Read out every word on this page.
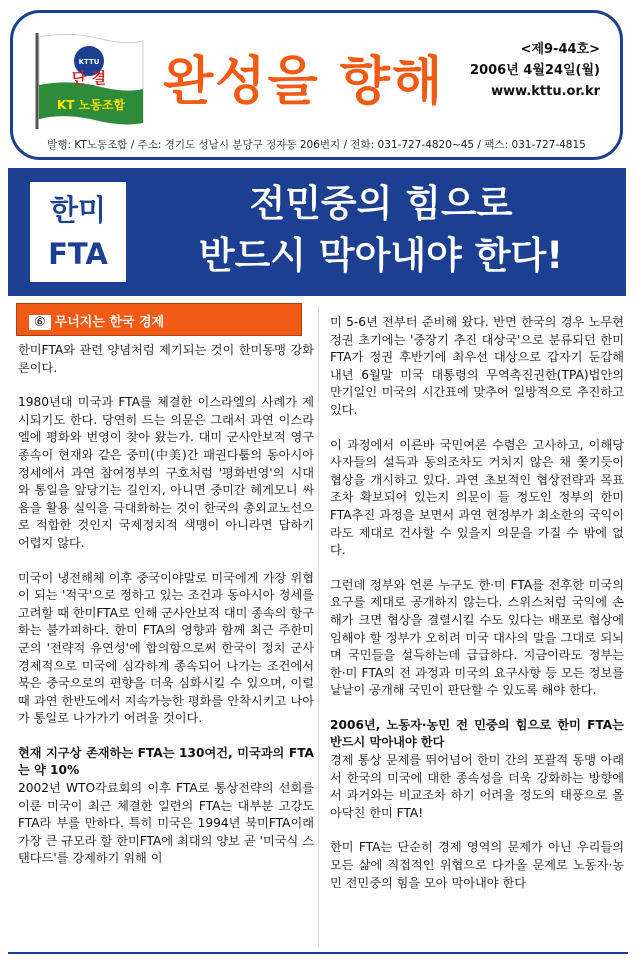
KTTU
단 결
KT 노동조합 완성을 향해
<제9-44호>
2006년 4월24일(월)
www.kttu.or.kr
발행: KT노동조합 / 주소: 경기도 성남시 분당구 정자동 206번지 / 전화: 031-727-4820~45 / 팩스: 031-727-4815
한미
FTA
전민중의 힘으로
반드시 막아내야 한다!
⑥ 무너지는 한국 경제

한미FTA와 관련 양념처럼 제기되는 것이 한미동맹 강화론이다.

1980년대 미국과 FTA를 체결한 이스라엘의 사례가 제시되기도 한다. 당연히 드는 의문은 그래서 과연 이스라엘에 평화와 번영이 찾아 왔는가. 대미 군사안보적 영구종속이 현재와 같은 중미(中美)간 패권다툼의 동아시아 정세에서 과연 참여정부의 구호처럼 '평화번영'의 시대와 통일을 앞당기는 길인지, 아니면 중미간 헤게모니 싸움을 활용 실익을 극대화하는 것이 한국의 총외교노선으로 적합한 것인지 국제정치적 색맹이 아니라면 답하기 어렵지 않다.

미국이 냉전해체 이후 중국이야말로 미국에게 가장 위협이 되는 '적국'으로 정하고 있는 조건과 동아시아 정세를 고려할 때 한미FTA로 인해 군사안보적 대미 종속의 항구화는 불가피하다. 한미 FTA의 영향과 함께 최근 주한미군의 '전략적 유연성'에 합의함으로써 한국이 정치 군사 경제적으로 미국에 심각하게 종속되어 나가는 조건에서 북은 중국으로의 편향을 더욱 심화시킬 수 있으며, 이럴 때 과연 한반도에서 지속가능한 평화를 안착시키고 나아가 통일로 나가가기 어려울 것이다.

현재 지구상 존재하는 FTA는 130여건, 미국과의 FTA는 약 10%

2002년 WTO각료회의 이후 FTA로 통상전략의 선회를 이룬 미국이 최근 체결한 일련의 FTA는 대부분 고강도 FTA라 부를 만하다. 특히 미국은 1994년 북미FTA이래 가장 큰 규모라 할 한미FTA에 최대의 양보 곧 '미국식 스탠다드'를 강제하기 위해 이

미 5-6년 전부터 준비해 왔다. 반면 한국의 경우 노무현 정권 초기에는 '중장기 추진 대상국'으로 분류되던 한미FTA가 정권 후반기에 최우선 대상으로 갑자기 둔갑해 내년 6월말 미국 대통령의 무역촉진권한(TPA)법안의 만기일인 미국의 시간표에 맞추어 일방적으로 추진하고 있다.

이 과정에서 이른바 국민여론 수렴은 고사하고, 이해당사자들의 설득과 동의조차도 거치지 않은 채 쫓기듯이 협상을 개시하고 있다. 과연 초보적인 협상전략과 목표조차 확보되어 있는지 의문이 들 정도인 정부의 한미 FTA추진 과정을 보면서 과연 현정부가 최소한의 국익이라도 제대로 건사할 수 있을지 의문을 가질 수 밖에 없다.

그런데 정부와 언론 누구도 한·미 FTA를 전후한 미국의 요구를 제대로 공개하지 않는다. 스위스처럼 국익에 손해가 크면 협상을 결렬시킬 수도 있다는 배포로 협상에 임해야 할 정부가 오히려 미국 대사의 말을 그대로 되뇌며 국민들을 설득하는데 급급하다. 지금이라도 정부는 한·미 FTA의 전 과정과 미국의 요구사항 등 모든 정보를 낱낱이 공개해 국민이 판단할 수 있도록 해야 한다.

2006년, 노동자·농민 전 민중의 힘으로 한미 FTA는 반드시 막아내야 한다

경제 통상 문제를 뛰어넘어 한미 간의 포괄적 동맹 아래서 한국의 미국에 대한 종속성을 더욱 강화하는 방향에서 과거와는 비교조차 하기 어려울 정도의 태풍으로 몰아닥친 한미 FTA!

한미 FTA는 단순히 경제 영역의 문제가 아닌 우리들의 모든 삶에 직접적인 위협으로 다가올 문제로 노동자·농민 전민중의 힘을 모아 막아내야 한다
